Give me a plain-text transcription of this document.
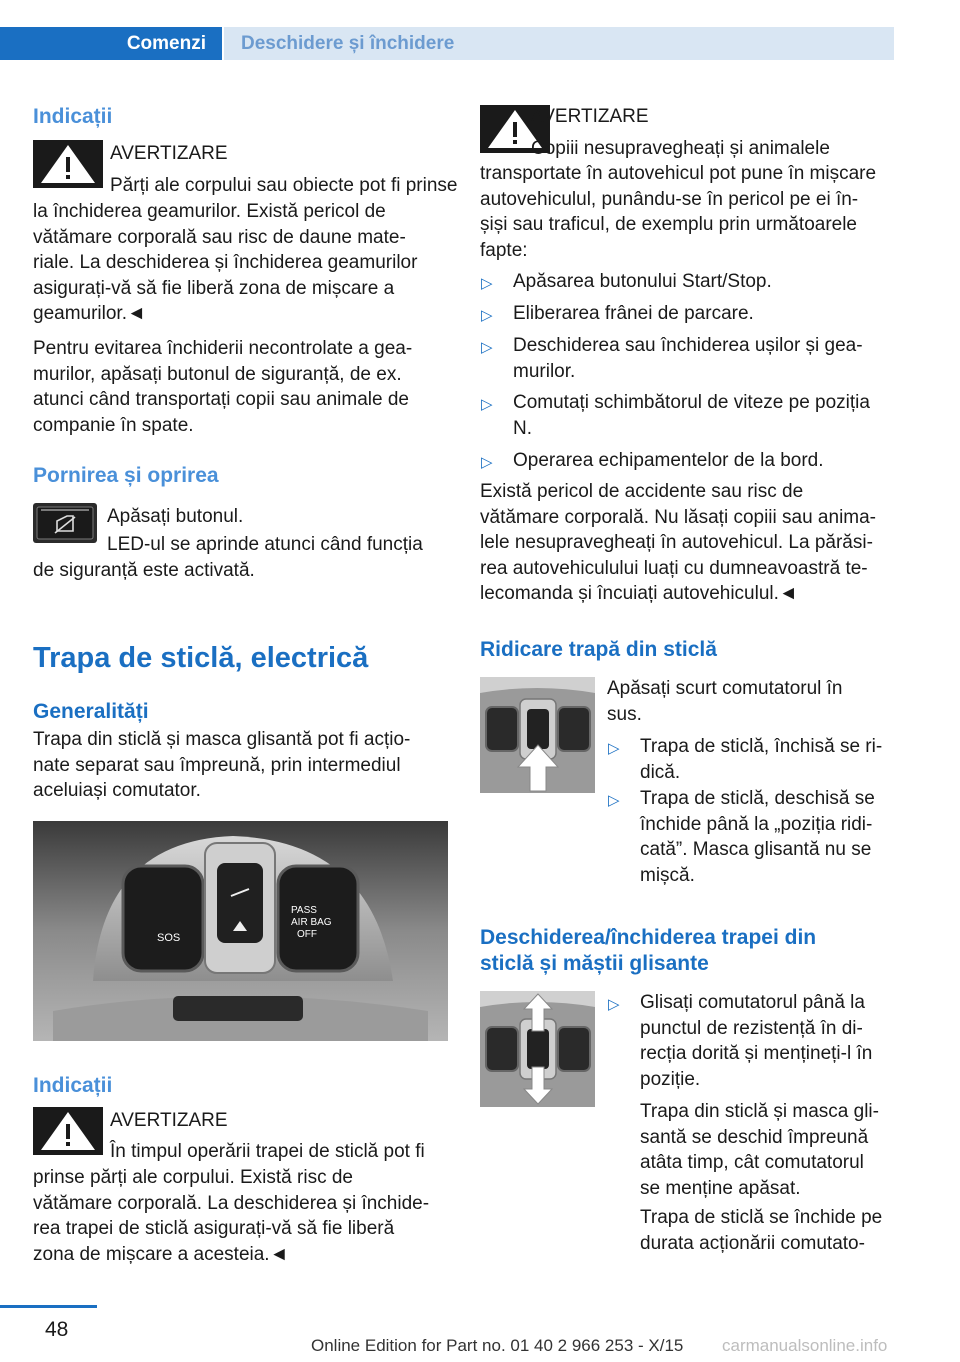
Comenzi Deschidere și închidere
Indicații
AVERTIZARE
Părți ale corpului sau obiecte pot fi prinse

la închiderea geamurilor. Există pericol de

vătămare corporală sau risc de daune mate-

riale. La deschiderea și închiderea geamurilor

asigurați-vă să fie liberă zona de mișcare a

geamurilor.◄

Pentru evitarea închiderii necontrolate a gea-

murilor, apăsați butonul de siguranță, de ex.

atunci când transportați copii sau animale de

companie în spate.

Pornirea și oprirea
Apăsați butonul.
LED-ul se aprinde atunci când funcția
de siguranță este activată.
Trapa de sticlă, electrică
Generalități

Trapa din sticlă și masca glisantă pot fi acțio-

nate separat sau împreună, prin intermediul

aceluiași comutator.

SOS
PASS
AIR BAG
OFF
Indicații
AVERTIZARE
În timpul operării trapei de sticlă pot fi

prinse părți ale corpului. Există risc de

vătămare corporală. La deschiderea și închide-

rea trapei de sticlă asigurați-vă să fie liberă

zona de mișcare a acesteia.◄

AVERTIZARE
Copiii nesupravegheați și animalele

transportate în autovehicul pot pune în mișcare

autovehiculul, punându-se în pericol pe ei în-

șiși sau traficul, de exemplu prin următoarele

fapte:

▷ Apăsarea butonului Start/Stop.
▷ Eliberarea frânei de parcare.
▷ Deschiderea sau închiderea ușilor și gea-

murilor.

▷ Comutați schimbătorul de viteze pe poziția

N.

▷ Operarea echipamentelor de la bord.

Există pericol de accidente sau risc de

vătămare corporală. Nu lăsați copiii sau anima-

lele nesupravegheați în autovehicul. La părăsi-

rea autovehiculului luați cu dumneavoastră te-

lecomanda și încuiați autovehiculul.◄

Ridicare trapă din sticlă

Apăsați scurt comutatorul în

sus.

▷ Trapa de sticlă, închisă se ri-

dică.

▷ Trapa de sticlă, deschisă se

închide până la „poziția ridi-

cată”. Masca glisantă nu se

mișcă.

Deschiderea/închiderea trapei din

sticlă și măștii glisante

▷ Glisați comutatorul până la

punctul de rezistență în di-

recția dorită și mențineți-l în

poziție.

Trapa din sticlă și masca gli-

santă se deschid împreună

atâta timp, cât comutatorul

se menține apăsat.

Trapa de sticlă se închide pe

durata acționării comutato-

48
Online Edition for Part no. 01 40 2 966 253 - X/15 carmanualsonline.info
